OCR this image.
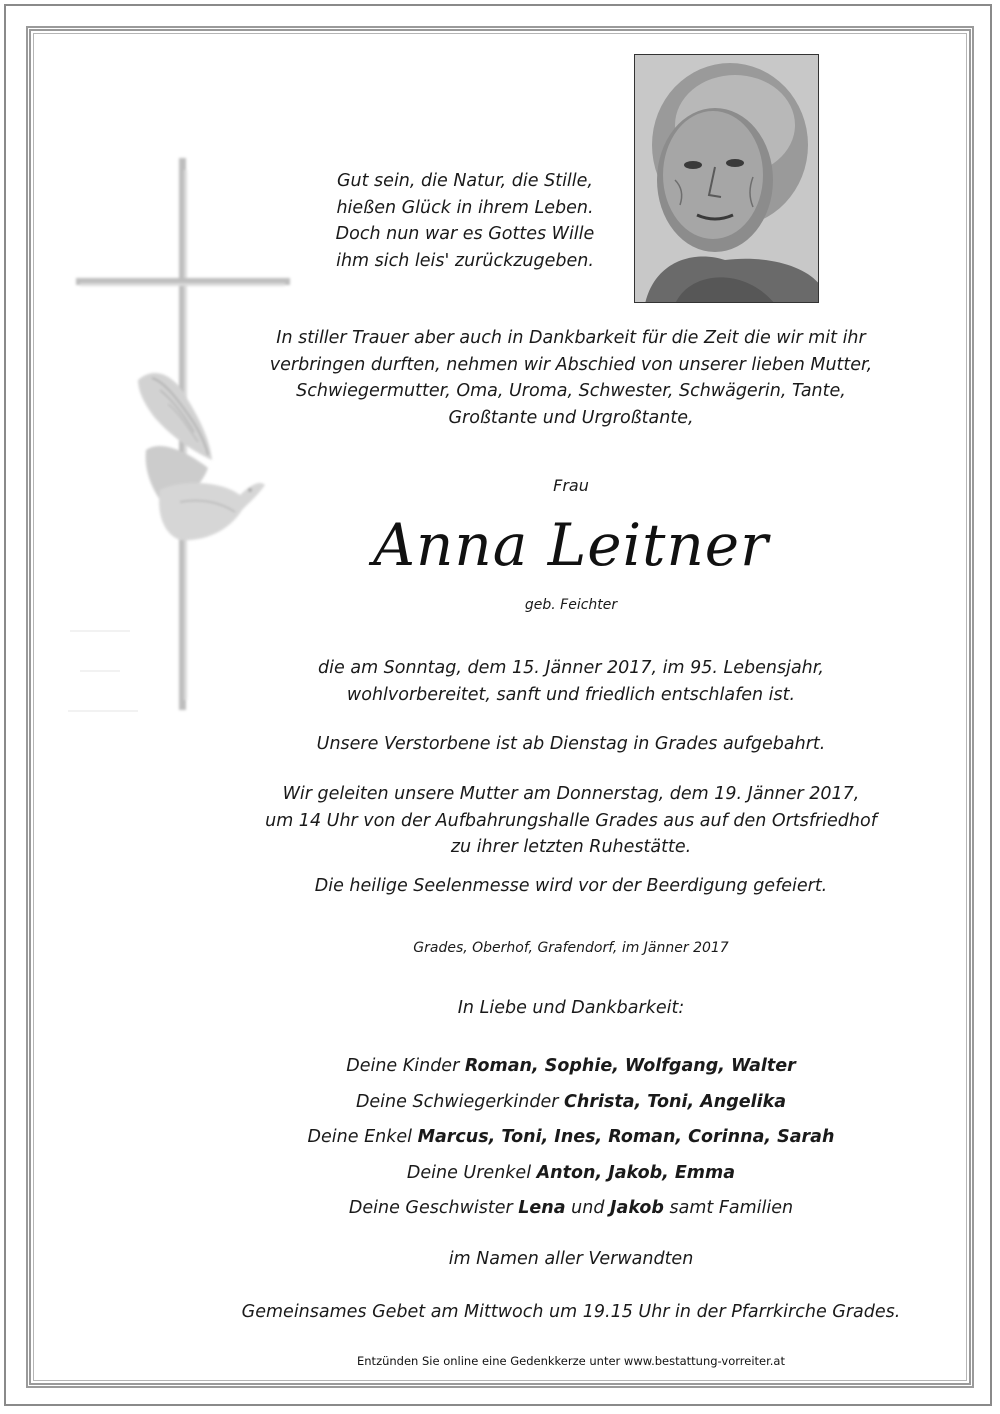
Gut sein, die Natur, die Stille,
hießen Glück in ihrem Leben.
Doch nun war es Gottes Wille
ihm sich leis' zurückzugeben.
In stiller Trauer aber auch in Dankbarkeit für die Zeit die wir mit ihr
verbringen durften, nehmen wir Abschied von unserer lieben Mutter,
Schwiegermutter, Oma, Uroma, Schwester, Schwägerin, Tante,
Großtante und Urgroßtante,
Frau
Anna Leitner
geb. Feichter
die am Sonntag, dem 15. Jänner 2017, im 95. Lebensjahr,
wohlvorbereitet, sanft und friedlich entschlafen ist.
Unsere Verstorbene ist ab Dienstag in Grades aufgebahrt.
Wir geleiten unsere Mutter am Donnerstag, dem 19. Jänner 2017,
um 14 Uhr von der Aufbahrungshalle Grades aus auf den Ortsfriedhof
zu ihrer letzten Ruhestätte.
Die heilige Seelenmesse wird vor der Beerdigung gefeiert.
Grades, Oberhof, Grafendorf, im Jänner 2017
In Liebe und Dankbarkeit:
Deine Kinder Roman, Sophie, Wolfgang, Walter
Deine Schwiegerkinder Christa, Toni, Angelika
Deine Enkel Marcus, Toni, Ines, Roman, Corinna, Sarah
Deine Urenkel Anton, Jakob, Emma
Deine Geschwister Lena und Jakob samt Familien
im Namen aller Verwandten
Gemeinsames Gebet am Mittwoch um 19.15 Uhr in der Pfarrkirche Grades.
Entzünden Sie online eine Gedenkkerze unter www.bestattung-vorreiter.at
